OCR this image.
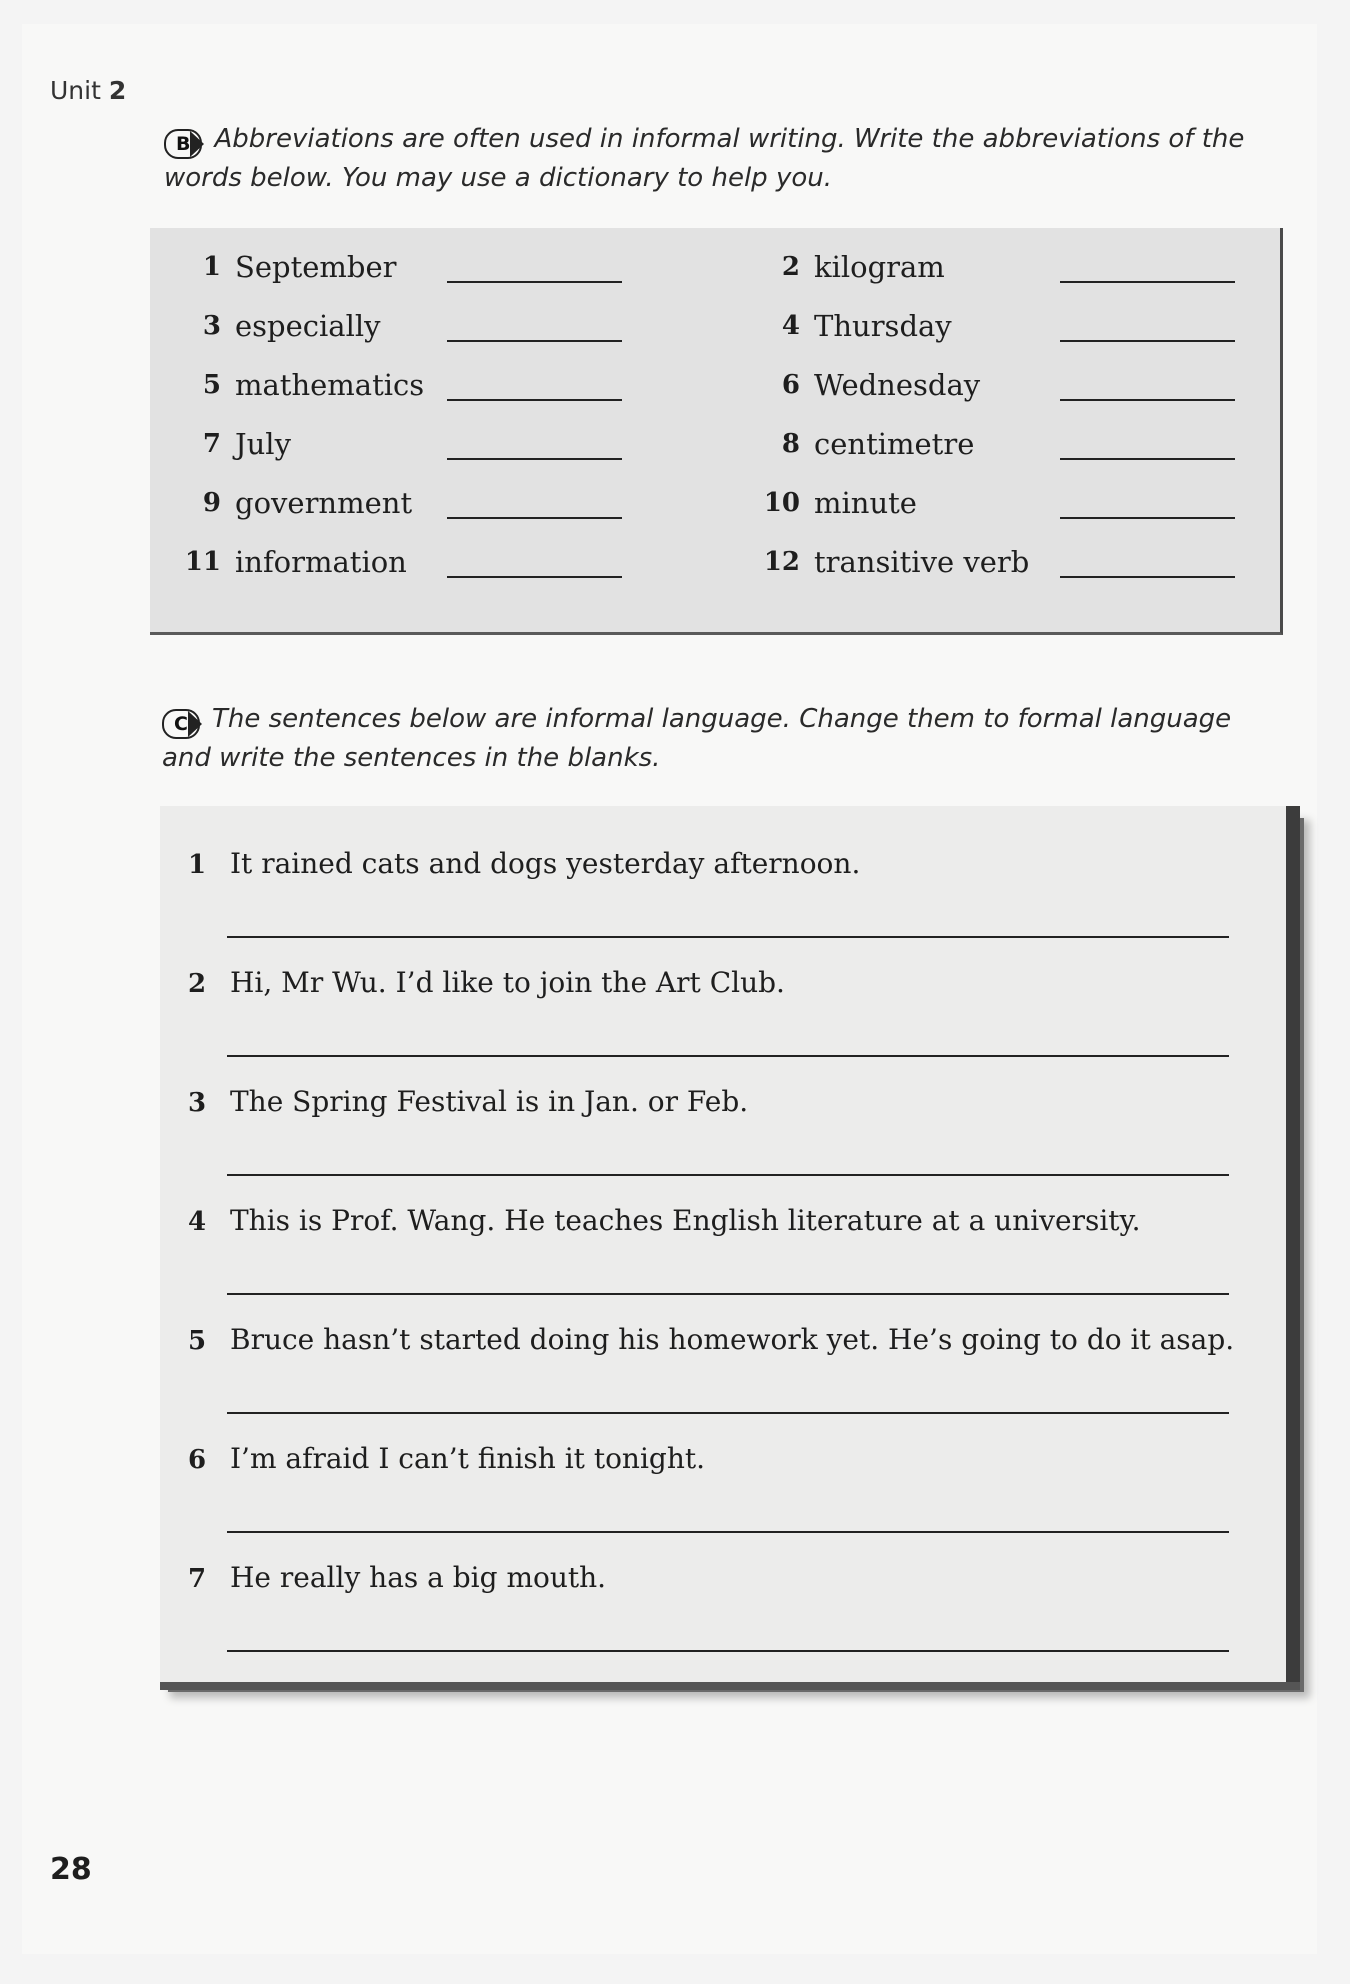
Unit 2
B Abbreviations are often used in informal writing. Write the abbreviations of the words below. You may use a dictionary to help you.
1 September
3 especially
5 mathematics
7 July
9 government
11 information
2 kilogram
4 Thursday
6 Wednesday
8 centimetre
10 minute
12 transitive verb
C The sentences below are informal language. Change them to formal language and write the sentences in the blanks.
1 It rained cats and dogs yesterday afternoon.
2 Hi, Mr Wu. I’d like to join the Art Club.
3 The Spring Festival is in Jan. or Feb.
4 This is Prof. Wang. He teaches English literature at a university.
5 Bruce hasn’t started doing his homework yet. He’s going to do it asap.
6 I’m afraid I can’t finish it tonight.
7 He really has a big mouth.
28
